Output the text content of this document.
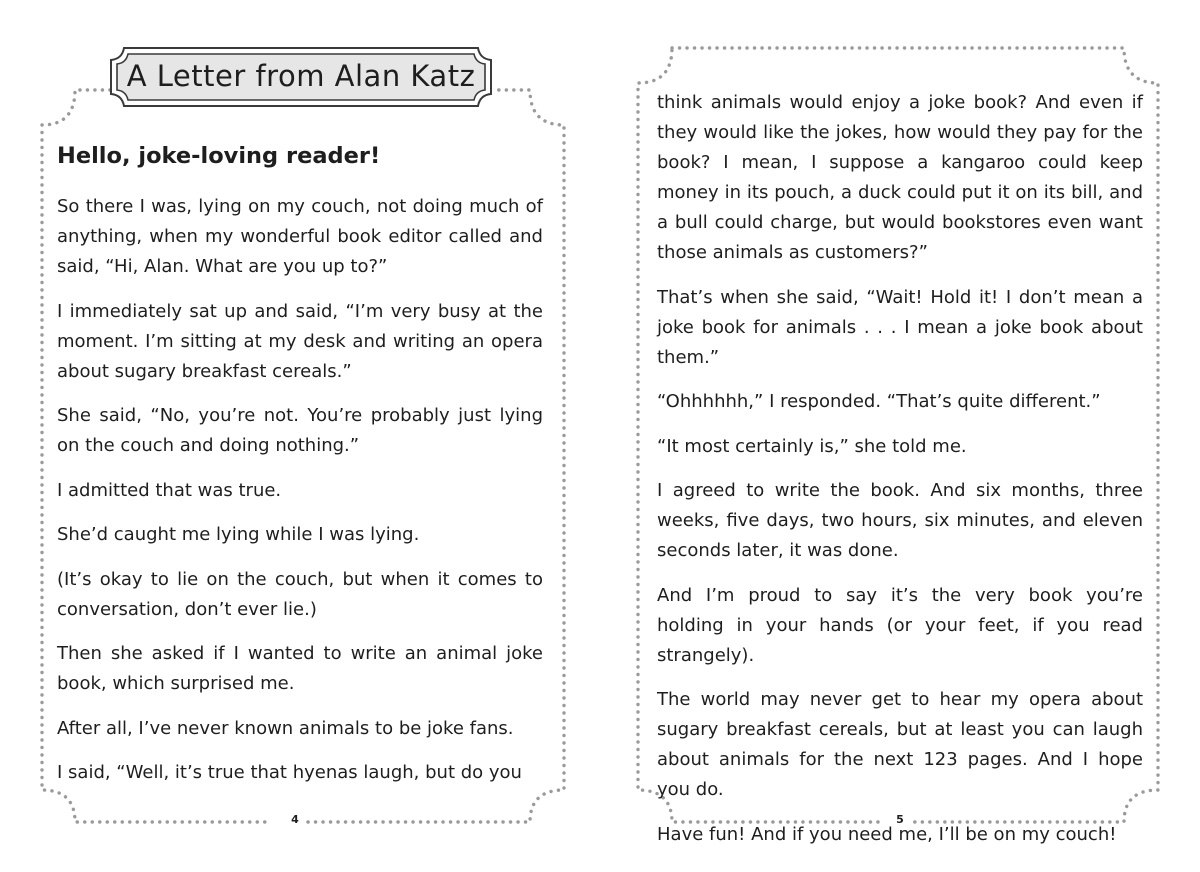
A Letter from Alan Katz
Hello, joke-loving reader!

So there I was, lying on my couch, not doing much of anything, when my wonderful book editor called and said, “Hi, Alan. What are you up to?”

I immediately sat up and said, “I’m very busy at the moment. I’m sitting at my desk and writing an opera about sugary breakfast cereals.”

She said, “No, you’re not. You’re probably just lying on the couch and doing nothing.”

I admitted that was true.

She’d caught me lying while I was lying.

(It’s okay to lie on the couch, but when it comes to conversation, don’t ever lie.)

Then she asked if I wanted to write an animal joke book, which surprised me.

After all, I’ve never known animals to be joke fans.

I said, “Well, it’s true that hyenas laugh, but do you

think animals would enjoy a joke book? And even if they would like the jokes, how would they pay for the book? I mean, I suppose a kangaroo could keep money in its pouch, a duck could put it on its bill, and a bull could charge, but would bookstores even want those animals as customers?”

That’s when she said, “Wait! Hold it! I don’t mean a joke book for animals . . . I mean a joke book about them.”

“Ohhhhhh,” I responded. “That’s quite different.”

“It most certainly is,” she told me.

I agreed to write the book. And six months, three weeks, five days, two hours, six minutes, and eleven seconds later, it was done.

And I’m proud to say it’s the very book you’re holding in your hands (or your feet, if you read strangely).

The world may never get to hear my opera about sugary breakfast cereals, but at least you can laugh about animals for the next 123 pages. And I hope you do.

Have fun! And if you need me, I’ll be on my couch!

4	5
